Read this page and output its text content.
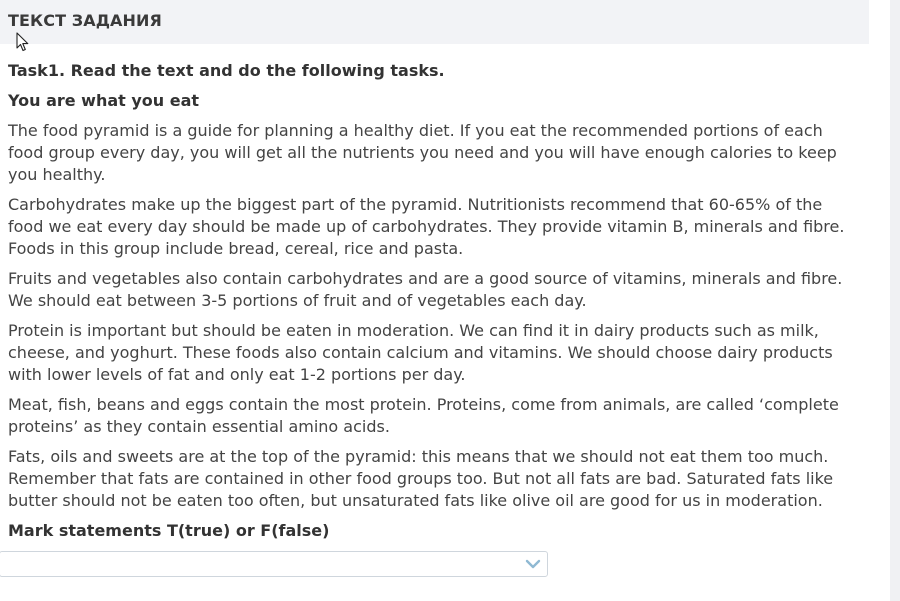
ТЕКСТ ЗАДАНИЯ
Task1. Read the text and do the following tasks.
You are what you eat
The food pyramid is a guide for planning a healthy diet. If you eat the recommended portions of each food group every day, you will get all the nutrients you need and you will have enough calories to keep you healthy.
Carbohydrates make up the biggest part of the pyramid. Nutritionists recommend that 60-65% of the food we eat every day should be made up of carbohydrates. They provide vitamin B, minerals and fibre. Foods in this group include bread, cereal, rice and pasta.
Fruits and vegetables also contain carbohydrates and are a good source of vitamins, minerals and fibre. We should eat between 3-5 portions of fruit and of vegetables each day.
Protein is important but should be eaten in moderation. We can find it in dairy products such as milk, cheese, and yoghurt. These foods also contain calcium and vitamins. We should choose dairy products with lower levels of fat and only eat 1-2 portions per day.
Meat, fish, beans and eggs contain the most protein. Proteins, come from animals, are called ‘complete proteins’ as they contain essential amino acids.
Fats, oils and sweets are at the top of the pyramid: this means that we should not eat them too much. Remember that fats are contained in other food groups too. But not all fats are bad. Saturated fats like butter should not be eaten too often, but unsaturated fats like olive oil are good for us in moderation.
Mark statements T(true) or F(false)
